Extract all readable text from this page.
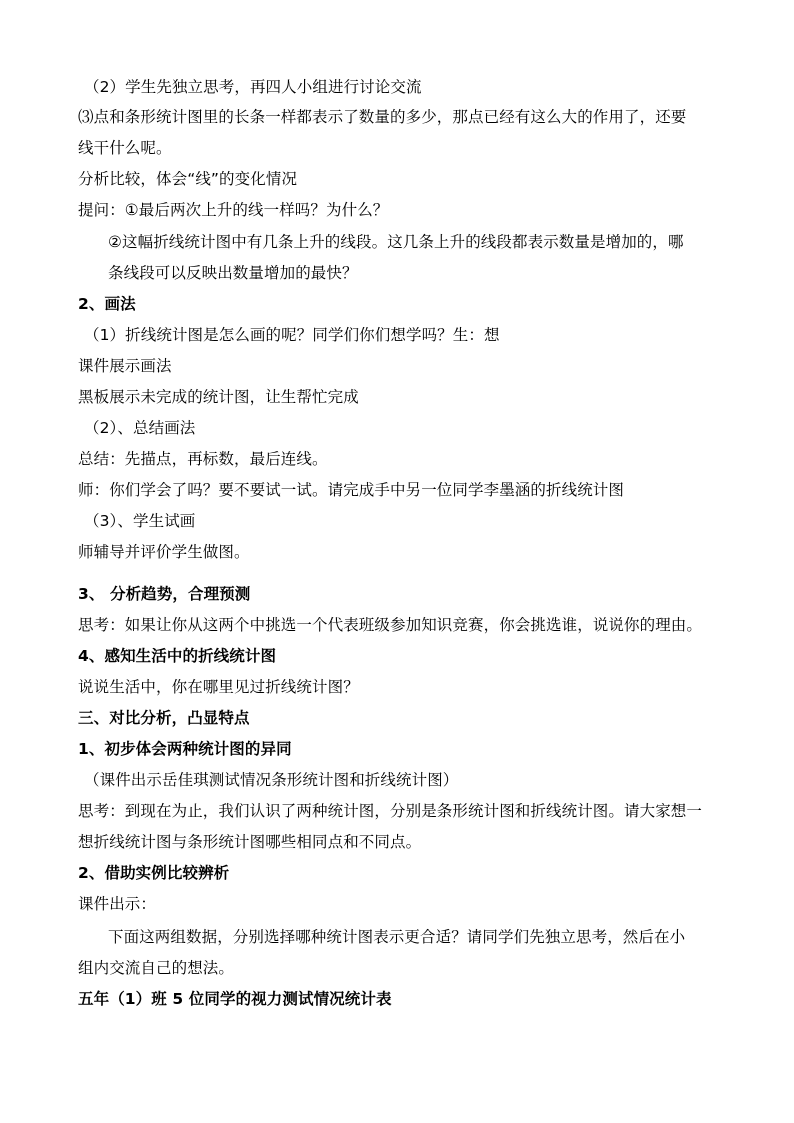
（2）学生先独立思考，再四人小组进行讨论交流
⑶点和条形统计图里的长条一样都表示了数量的多少，那点已经有这么大的作用了，还要
线干什么呢。
分析比较，体会“线”的变化情况
提问：①最后两次上升的线一样吗？为什么？
②这幅折线统计图中有几条上升的线段。这几条上升的线段都表示数量是增加的，哪
条线段可以反映出数量增加的最快？
2、画法
（1）折线统计图是怎么画的呢？同学们你们想学吗？生：想
课件展示画法
黑板展示未完成的统计图，让生帮忙完成
（2）、总结画法
总结：先描点，再标数，最后连线。
师：你们学会了吗？要不要试一试。请完成手中另一位同学李墨涵的折线统计图
（3）、学生试画
师辅导并评价学生做图。
3、 分析趋势，合理预测
思考：如果让你从这两个中挑选一个代表班级参加知识竞赛，你会挑选谁，说说你的理由。
4、感知生活中的折线统计图
说说生活中，你在哪里见过折线统计图？
三、对比分析，凸显特点
1、初步体会两种统计图的异同
（课件出示岳佳琪测试情况条形统计图和折线统计图）
思考：到现在为止，我们认识了两种统计图，分别是条形统计图和折线统计图。请大家想一
想折线统计图与条形统计图哪些相同点和不同点。
2、借助实例比较辨析
课件出示：
下面这两组数据，分别选择哪种统计图表示更合适？请同学们先独立思考，然后在小
组内交流自己的想法。
五年（1）班 5 位同学的视力测试情况统计表
